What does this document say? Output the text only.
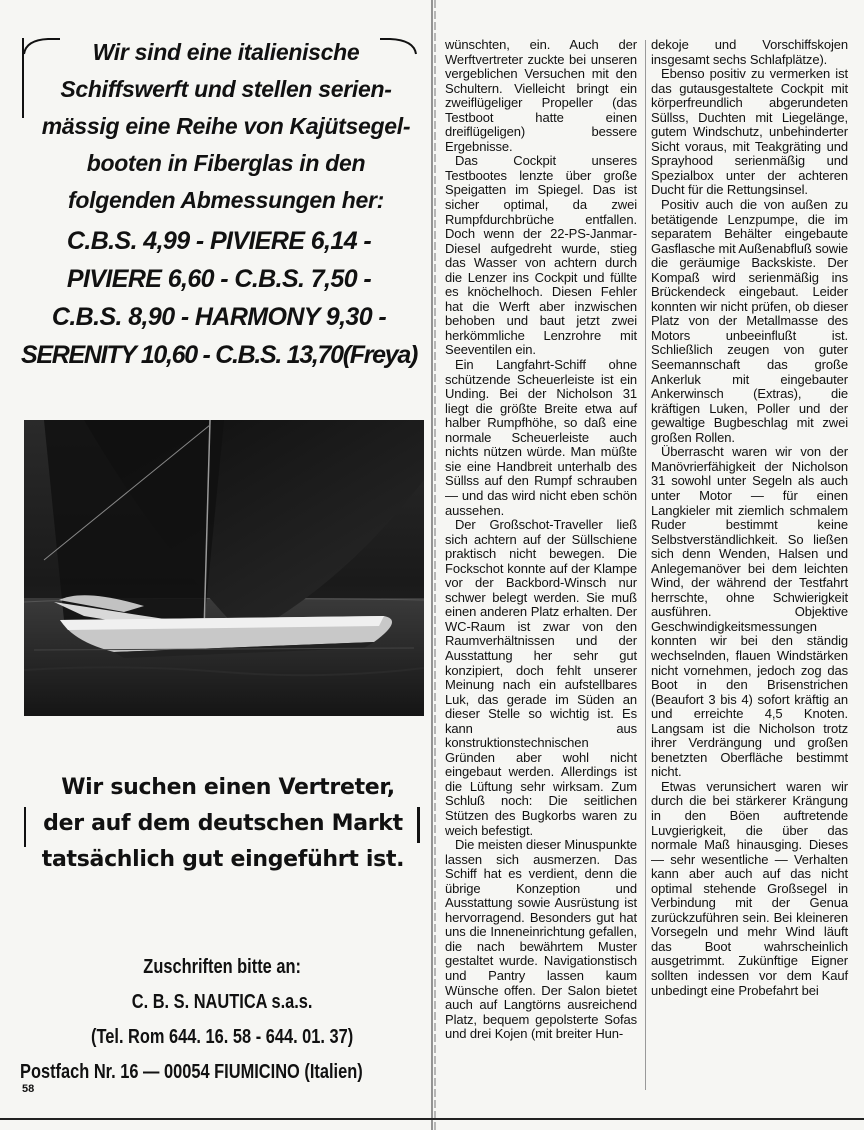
Wir sind eine italienische
Schiffswerft und stellen serien-
mässig eine Reihe von Kajütsegel-
booten in Fiberglas in den
folgenden Abmessungen her:

C.B.S. 4,99 - PIVIERE 6,14 -
PIVIERE 6,60 - C.B.S. 7,50 -
C.B.S. 8,90 - HARMONY 9,30 -
SERENITY 10,60 - C.B.S. 13,70(Freya)
Wir suchen einen Vertreter,
der auf dem deutschen Markt
tatsächlich gut eingeführt ist.
Zuschriften bitte an:
C. B. S. NAUTICA s.a.s.
(Tel. Rom 644. 16. 58 - 644. 01. 37)
Postfach Nr. 16 — 00054 FIUMICINO (Italien)
58

wünschten, ein. Auch der Werftvertreter zuckte bei unseren vergeblichen Versuchen mit den Schultern. Vielleicht bringt ein zweiflügeliger Propeller (das Testboot hatte einen dreiflügeligen) bessere Ergebnisse.

Das Cockpit unseres Testbootes lenzte über große Speigatten im Spiegel. Das ist sicher optimal, da zwei Rumpfdurchbrüche entfallen. Doch wenn der 22-PS-Janmar-Diesel aufgedreht wurde, stieg das Wasser von achtern durch die Lenzer ins Cockpit und füllte es knöchelhoch. Diesen Fehler hat die Werft aber inzwischen behoben und baut jetzt zwei herkömmliche Lenzrohre mit Seeventilen ein.

Ein Langfahrt-Schiff ohne schützende Scheuerleiste ist ein Unding. Bei der Nicholson 31 liegt die größte Breite etwa auf halber Rumpfhöhe, so daß eine normale Scheuerleiste auch nichts nützen würde. Man müßte sie eine Handbreit unterhalb des Süllss auf den Rumpf schrauben — und das wird nicht eben schön aussehen.

Der Großschot-Traveller ließ sich achtern auf der Süllschiene praktisch nicht bewegen. Die Fockschot konnte auf der Klampe vor der Backbord-Winsch nur schwer belegt werden. Sie muß einen anderen Platz erhalten. Der WC-Raum ist zwar von den Raumverhältnissen und der Ausstattung her sehr gut konzipiert, doch fehlt unserer Meinung nach ein aufstellbares Luk, das gerade im Süden an dieser Stelle so wichtig ist. Es kann aus konstruktionstechnischen Gründen aber wohl nicht eingebaut werden. Allerdings ist die Lüftung sehr wirksam. Zum Schluß noch: Die seitlichen Stützen des Bugkorbs waren zu weich befestigt.

Die meisten dieser Minuspunkte lassen sich ausmerzen. Das Schiff hat es verdient, denn die übrige Konzeption und Ausstattung sowie Ausrüstung ist hervorragend. Besonders gut hat uns die Inneneinrichtung gefallen, die nach bewährtem Muster gestaltet wurde. Navigationstisch und Pantry lassen kaum Wünsche offen. Der Salon bietet auch auf Langtörns ausreichend Platz, bequem gepolsterte Sofas und drei Kojen (mit breiter Hun-

dekoje und Vorschiffskojen insgesamt sechs Schlafplätze).

Ebenso positiv zu vermerken ist das gutausgestaltete Cockpit mit körperfreundlich abgerundeten Süllss, Duchten mit Liegelänge, gutem Windschutz, unbehinderter Sicht voraus, mit Teakgräting und Sprayhood serienmäßig und Spezialbox unter der achteren Ducht für die Rettungsinsel.

Positiv auch die von außen zu betätigende Lenzpumpe, die im separatem Behälter eingebaute Gasflasche mit Außenabfluß sowie die geräumige Backskiste. Der Kompaß wird serienmäßig ins Brückendeck eingebaut. Leider konnten wir nicht prüfen, ob dieser Platz von der Metallmasse des Motors unbeeinflußt ist. Schließlich zeugen von guter Seemannschaft das große Ankerluk mit eingebauter Ankerwinsch (Extras), die kräftigen Luken, Poller und der gewaltige Bugbeschlag mit zwei großen Rollen.

Überrascht waren wir von der Manövrierfähigkeit der Nicholson 31 sowohl unter Segeln als auch unter Motor — für einen Langkieler mit ziemlich schmalem Ruder bestimmt keine Selbstverständlichkeit. So ließen sich denn Wenden, Halsen und Anlegemanöver bei dem leichten Wind, der während der Testfahrt herrschte, ohne Schwierigkeit ausführen. Objektive Geschwindigkeitsmessungen konnten wir bei den ständig wechselnden, flauen Windstärken nicht vornehmen, jedoch zog das Boot in den Brisenstrichen (Beaufort 3 bis 4) sofort kräftig an und erreichte 4,5 Knoten. Langsam ist die Nicholson trotz ihrer Verdrängung und großen benetzten Oberfläche bestimmt nicht.

Etwas verunsichert waren wir durch die bei stärkerer Krängung in den Böen auftretende Luvgierigkeit, die über das normale Maß hinausging. Dieses — sehr wesentliche — Verhalten kann aber auch auf das nicht optimal stehende Großsegel in Verbindung mit der Genua zurückzuführen sein. Bei kleineren Vorsegeln und mehr Wind läuft das Boot wahrscheinlich ausgetrimmt. Zukünftige Eigner sollten indessen vor dem Kauf unbedingt eine Probefahrt bei
